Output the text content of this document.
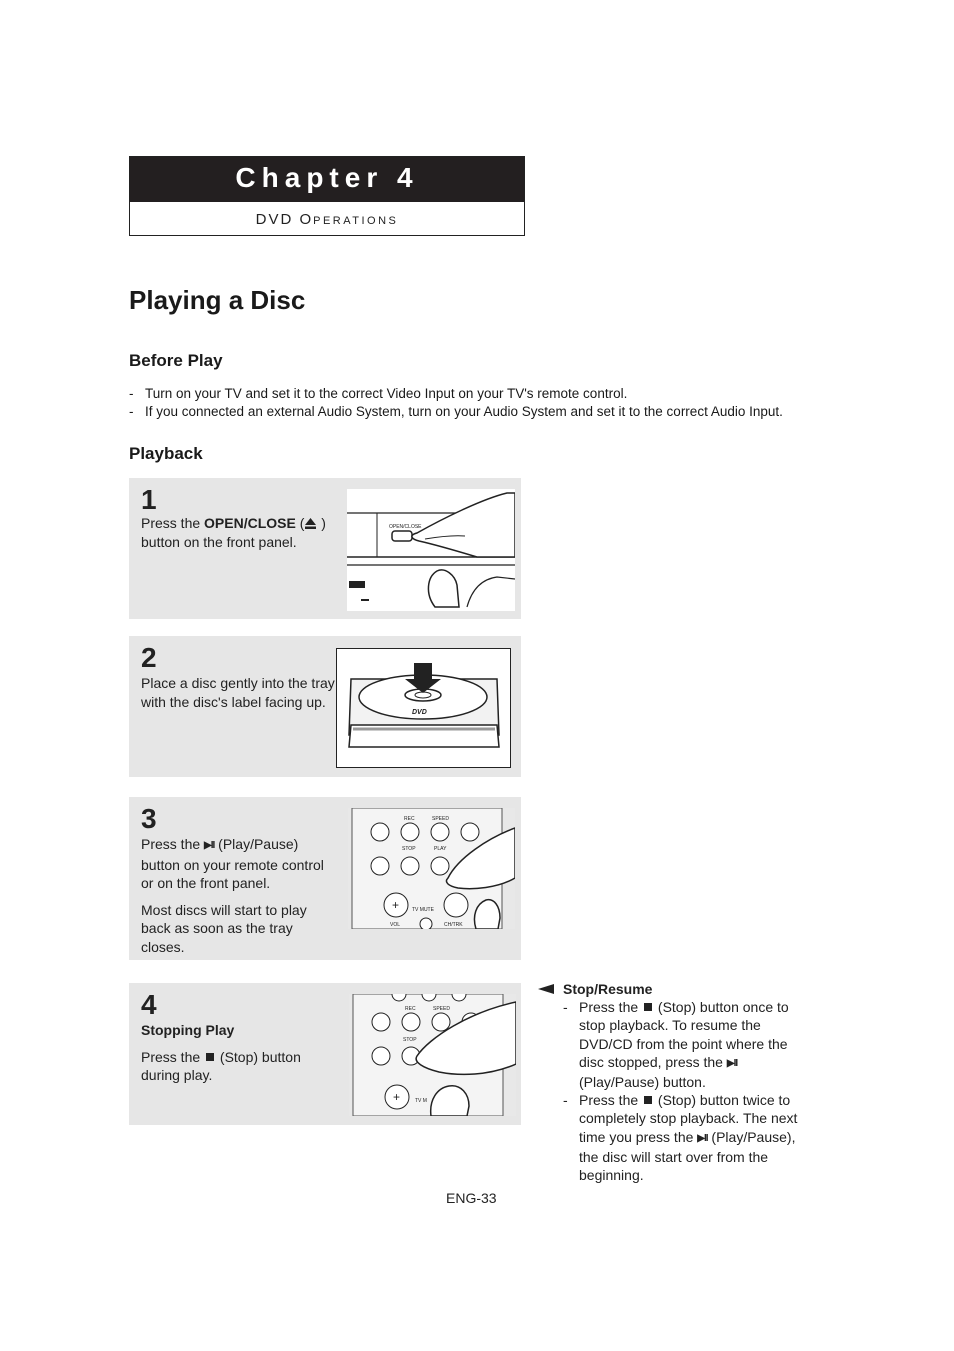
Chapter 4
DVD OPERATIONS
Playing a Disc
Before Play
- Turn on your TV and set it to the correct Video Input on your TV's remote control.
- If you connected an external Audio System, turn on your Audio System and set it to the correct Audio Input.
Playback
1
Press the OPEN/CLOSE ( )
button on the front panel.
OPEN/CLOSE
2
Place a disc gently into the tray
with the disc's label facing up.
DVD
3

Press the ▶II (Play/Pause)
button on your remote control
or on the front panel.

Most discs will start to play
back as soon as the tray
closes.

REC	SPEED
STOP	PLAY
+	TV MUTE
VOL	CH/TRK
4

Stopping Play

Press the  (Stop) button
during play.

REC	SPEED
STOP
+	TV M
Stop/Resume
- Press the  (Stop) button once to
stop playback. To resume the
DVD/CD from the point where the
disc stopped, press the ▶II
(Play/Pause) button.
- Press the  (Stop) button twice to
completely stop playback. The next
time you press the ▶II (Play/Pause),
the disc will start over from the
beginning.
ENG-33
